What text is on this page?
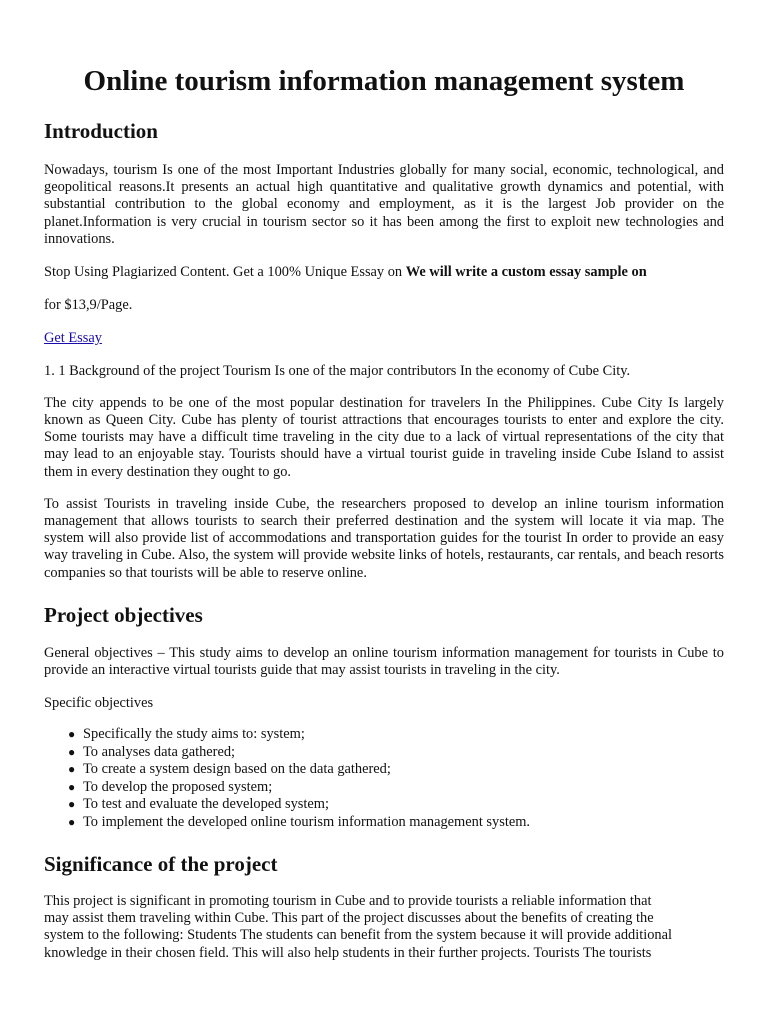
Online tourism information management system
Introduction

Nowadays, tourism Is one of the most Important Industries globally for many social, economic, technological, and geopolitical reasons.It presents an actual high quantitative and qualitative growth dynamics and potential, with substantial contribution to the global economy and employment, as it is the largest Job provider on the planet.Information is very crucial in tourism sector so it has been among the first to exploit new technologies and innovations.

Stop Using Plagiarized Content. Get a 100% Unique Essay on We will write a custom essay sample on

for $13,9/Page.

Get Essay

1. 1 Background of the project Tourism Is one of the major contributors In the economy of Cube City.

The city appends to be one of the most popular destination for travelers In the Philippines. Cube City Is largely known as Queen City. Cube has plenty of tourist attractions that encourages tourists to enter and explore the city. Some tourists may have a difficult time traveling in the city due to a lack of virtual representations of the city that may lead to an enjoyable stay. Tourists should have a virtual tourist guide in traveling inside Cube Island to assist them in every destination they ought to go.

To assist Tourists in traveling inside Cube, the researchers proposed to develop an inline tourism information management that allows tourists to search their preferred destination and the system will locate it via map. The system will also provide list of accommodations and transportation guides for the tourist In order to provide an easy way traveling in Cube. Also, the system will provide website links of hotels, restaurants, car rentals, and beach resorts companies so that tourists will be able to reserve online.

Project objectives

General objectives – This study aims to develop an online tourism information management for tourists in Cube to provide an interactive virtual tourists guide that may assist tourists in traveling in the city.

Specific objectives

● Specifically the study aims to: system;
● To analyses data gathered;
● To create a system design based on the data gathered;
● To develop the proposed system;
● To test and evaluate the developed system;
● To implement the developed online tourism information management system.
Significance of the project

This project is significant in promoting tourism in Cube and to provide tourists a reliable information that

may assist them traveling within Cube. This part of the project discusses about the benefits of creating the

system to the following: Students The students can benefit from the system because it will provide additional

knowledge in their chosen field. This will also help students in their further projects. Tourists The tourists
